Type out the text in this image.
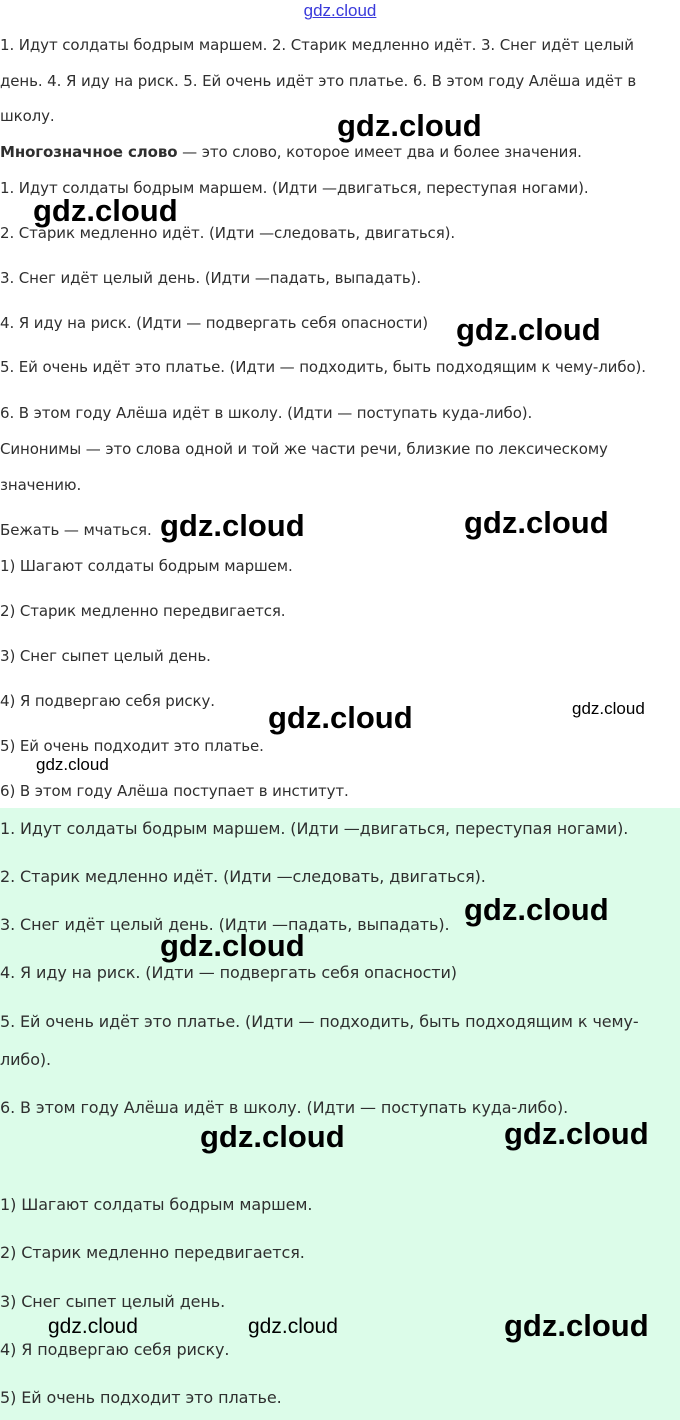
gdz.cloud
1. Идут солдаты бодрым маршем. 2. Старик медленно идёт. 3. Снег идёт целый
день. 4. Я иду на риск. 5. Ей очень идёт это платье. 6. В этом году Алёша идёт в
школу.
Многозначное слово — это слово, которое имеет два и более значения.
1. Идут солдаты бодрым маршем. (Идти —двигаться, переступая ногами).
2. Старик медленно идёт. (Идти —следовать, двигаться).
3. Снег идёт целый день. (Идти —падать, выпадать).
4. Я иду на риск. (Идти — подвергать себя опасности)
5. Ей очень идёт это платье. (Идти — подходить, быть подходящим к чему-либо).
6. В этом году Алёша идёт в школу. (Идти — поступать куда-либо).
Синонимы — это слова одной и той же части речи, близкие по лексическому
значению.
Бежать — мчаться.
1) Шагают солдаты бодрым маршем.
2) Старик медленно передвигается.
3) Снег сыпет целый день.
4) Я подвергаю себя риску.
5) Ей очень подходит это платье.
6) В этом году Алёша поступает в институт.
1. Идут солдаты бодрым маршем. (Идти —двигаться, переступая ногами).
2. Старик медленно идёт. (Идти —следовать, двигаться).
3. Снег идёт целый день. (Идти —падать, выпадать).
4. Я иду на риск. (Идти — подвергать себя опасности)
5. Ей очень идёт это платье. (Идти — подходить, быть подходящим к чему-
либо).
6. В этом году Алёша идёт в школу. (Идти — поступать куда-либо).
1) Шагают солдаты бодрым маршем.
2) Старик медленно передвигается.
3) Снег сыпет целый день.
4) Я подвергаю себя риску.
5) Ей очень подходит это платье.
gdz.cloud
gdz.cloud
gdz.cloud
gdz.cloud	gdz.cloud
gdz.cloud
gdz.cloud
gdz.cloud
gdz.cloud
gdz.cloud
gdz.cloud	gdz.cloud
gdz.cloud	gdz.cloud	gdz.cloud
